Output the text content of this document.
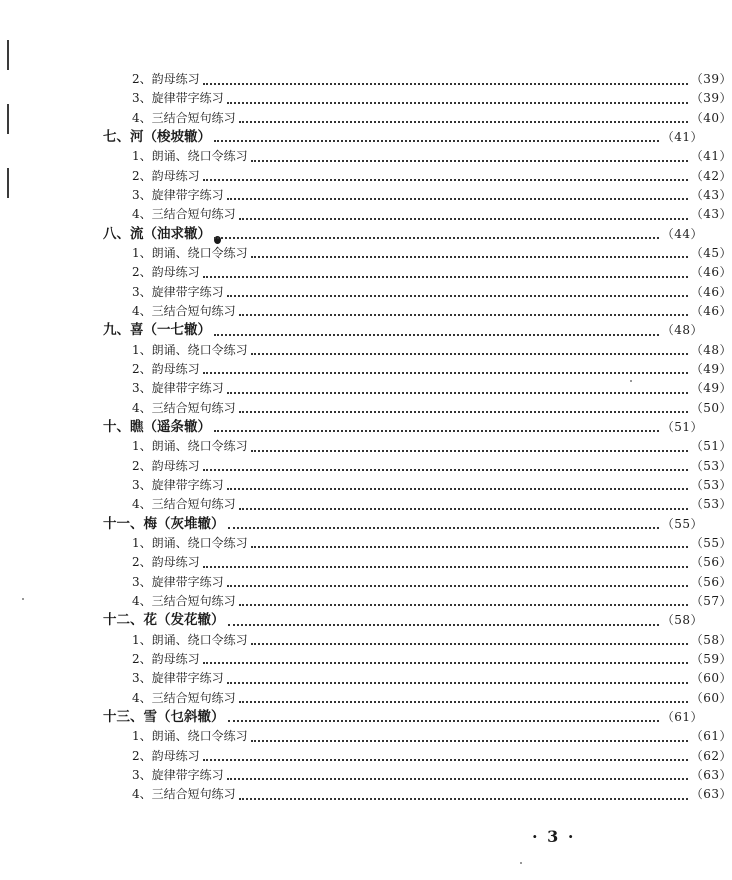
2、韵母练习	（39）
3、旋律带字练习	（39）
4、三结合短句练习	（40）
七、河（梭坡辙）	（41）
1、朗诵、绕口令练习	（41）
2、韵母练习	（42）
3、旋律带字练习	（43）
4、三结合短句练习	（43）
八、流（油求辙）	（44）
1、朗诵、绕口令练习	（45）
2、韵母练习	（46）
3、旋律带字练习	（46）
4、三结合短句练习	（46）
九、喜（一七辙）	（48）
1、朗诵、绕口令练习	（48）
2、韵母练习	（49）
3、旋律带字练习	（49）
4、三结合短句练习	（50）
十、瞧（遥条辙）	（51）
1、朗诵、绕口令练习	（51）
2、韵母练习	（53）
3、旋律带字练习	（53）
4、三结合短句练习	（53）
十一、梅（灰堆辙）	（55）
1、朗诵、绕口令练习	（55）
2、韵母练习	（56）
3、旋律带字练习	（56）
4、三结合短句练习	（57）
十二、花（发花辙）	（58）
1、朗诵、绕口令练习	（58）
2、韵母练习	（59）
3、旋律带字练习	（60）
4、三结合短句练习	（60）
十三、雪（乜斜辙）	（61）
1、朗诵、绕口令练习	（61）
2、韵母练习	（62）
3、旋律带字练习	（63）
4、三结合短句练习	（63）
· 3 ·
